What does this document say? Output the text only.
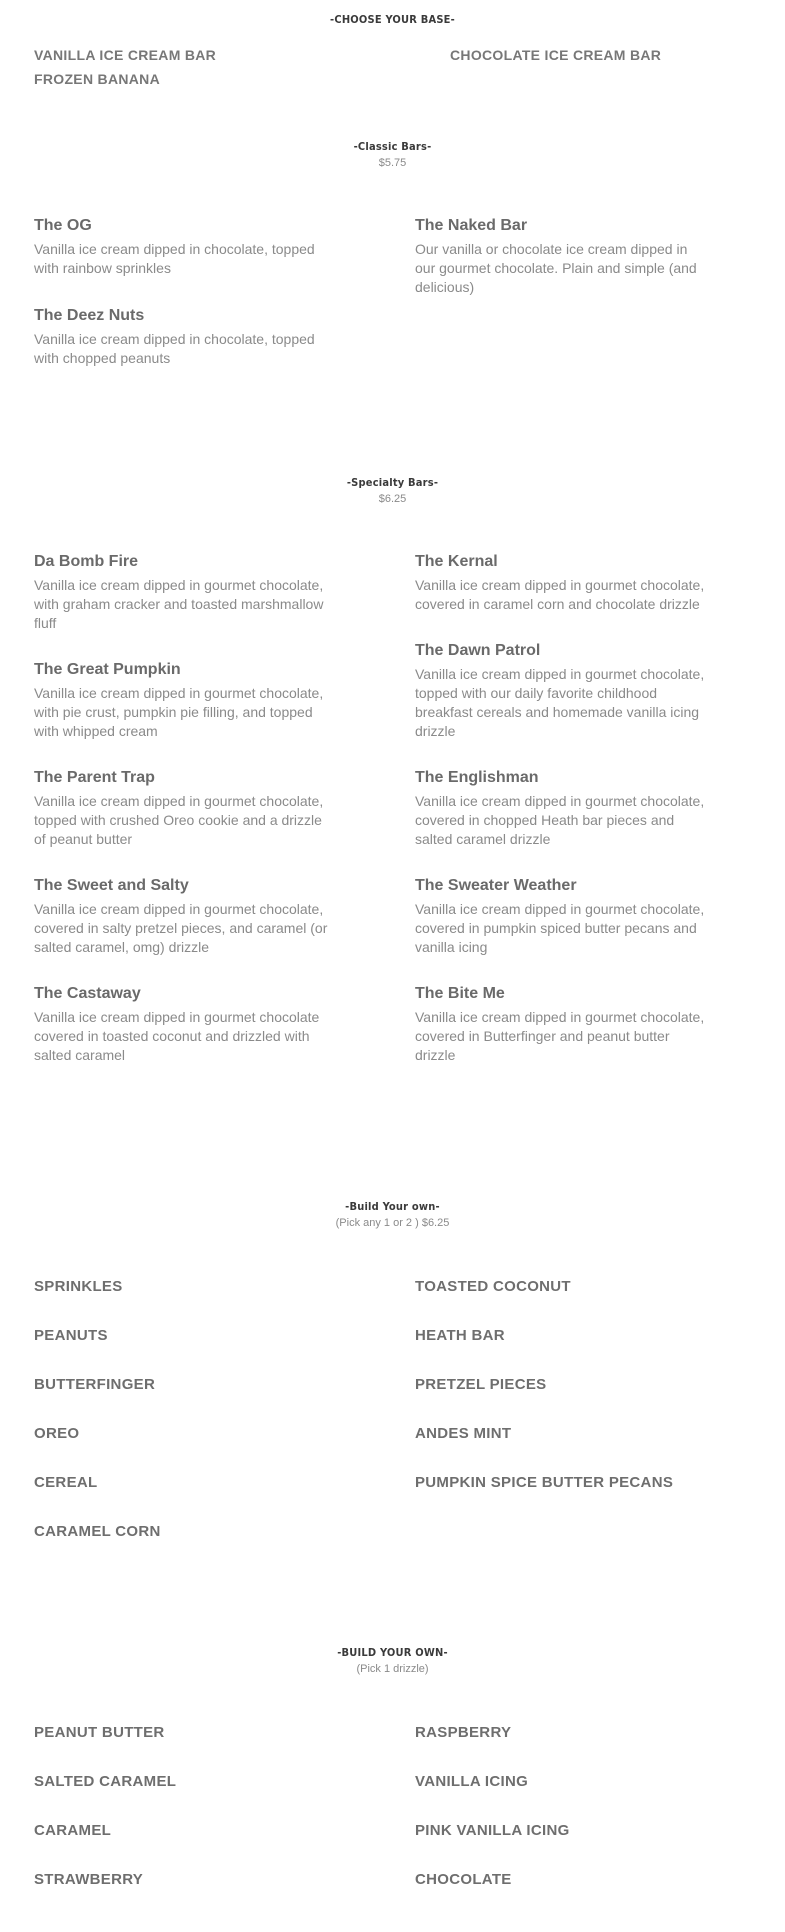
-CHOOSE YOUR BASE-
VANILLA ICE CREAM BAR	CHOCOLATE ICE CREAM BAR
FROZEN BANANA
-Classic Bars-
$5.75
The OG
Vanilla ice cream dipped in chocolate, topped with rainbow sprinkles
The Deez Nuts
Vanilla ice cream dipped in chocolate, topped with chopped peanuts
The Naked Bar
Our vanilla or chocolate ice cream dipped in our gourmet chocolate. Plain and simple (and delicious)
-Specialty Bars-
$6.25
Da Bomb Fire
Vanilla ice cream dipped in gourmet chocolate, with graham cracker and toasted marshmallow fluff
The Great Pumpkin
Vanilla ice cream dipped in gourmet chocolate, with pie crust, pumpkin pie filling, and topped with whipped cream
The Parent Trap
Vanilla ice cream dipped in gourmet chocolate, topped with crushed Oreo cookie and a drizzle of peanut butter
The Sweet and Salty
Vanilla ice cream dipped in gourmet chocolate, covered in salty pretzel pieces, and caramel (or salted caramel, omg) drizzle
The Castaway
Vanilla ice cream dipped in gourmet chocolate covered in toasted coconut and drizzled with salted caramel
The Kernal
Vanilla ice cream dipped in gourmet chocolate, covered in caramel corn and chocolate drizzle
The Dawn Patrol
Vanilla ice cream dipped in gourmet chocolate, topped with our daily favorite childhood breakfast cereals and homemade vanilla icing drizzle
The Englishman
Vanilla ice cream dipped in gourmet chocolate, covered in chopped Heath bar pieces and salted caramel drizzle
The Sweater Weather
Vanilla ice cream dipped in gourmet chocolate, covered in pumpkin spiced butter pecans and vanilla icing
The Bite Me
Vanilla ice cream dipped in gourmet chocolate, covered in Butterfinger and peanut butter drizzle
-Build Your own-
(Pick any 1 or 2 ) $6.25
SPRINKLES
PEANUTS
BUTTERFINGER
OREO
CEREAL
CARAMEL CORN
TOASTED COCONUT
HEATH BAR
PRETZEL PIECES
ANDES MINT
PUMPKIN SPICE BUTTER PECANS
-BUILD YOUR OWN-
(Pick 1 drizzle)
PEANUT BUTTER
SALTED CARAMEL
CARAMEL
STRAWBERRY
RASPBERRY
VANILLA ICING
PINK VANILLA ICING
CHOCOLATE
